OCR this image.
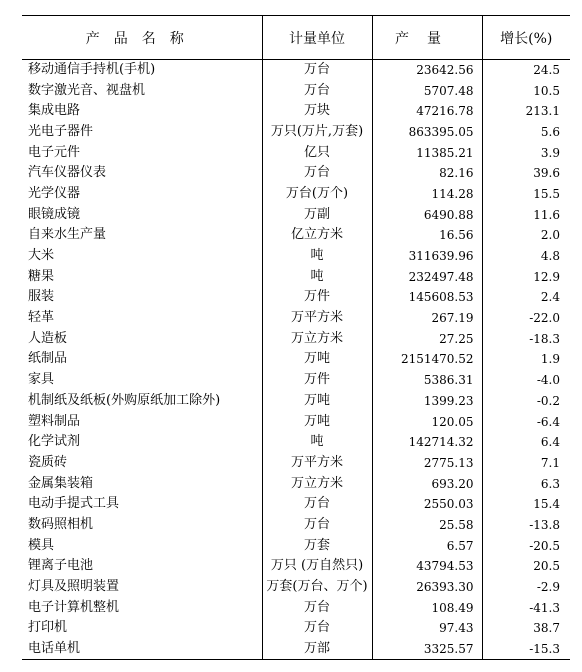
产品名称	计量单位	产量	增长(%)
移动通信手持机(手机)	万台	23642.56	24.5
数字激光音、视盘机	万台	5707.48	10.5
集成电路	万块	47216.78	213.1
光电子器件	万只(万片,万套)	863395.05	5.6
电子元件	亿只	11385.21	3.9
汽车仪器仪表	万台	82.16	39.6
光学仪器	万台(万个)	114.28	15.5
眼镜成镜	万副	6490.88	11.6
自来水生产量	亿立方米	16.56	2.0
大米	吨	311639.96	4.8
糖果	吨	232497.48	12.9
服装	万件	145608.53	2.4
轻革	万平方米	267.19	-22.0
人造板	万立方米	27.25	-18.3
纸制品	万吨	2151470.52	1.9
家具	万件	5386.31	-4.0
机制纸及纸板(外购原纸加工除外)	万吨	1399.23	-0.2
塑料制品	万吨	120.05	-6.4
化学试剂	吨	142714.32	6.4
瓷质砖	万平方米	2775.13	7.1
金属集装箱	万立方米	693.20	6.3
电动手提式工具	万台	2550.03	15.4
数码照相机	万台	25.58	-13.8
模具	万套	6.57	-20.5
锂离子电池	万只 (万自然只)	43794.53	20.5
灯具及照明装置	万套(万台、万个)	26393.30	-2.9
电子计算机整机	万台	108.49	-41.3
打印机	万台	97.43	38.7
电话单机	万部	3325.57	-15.3
